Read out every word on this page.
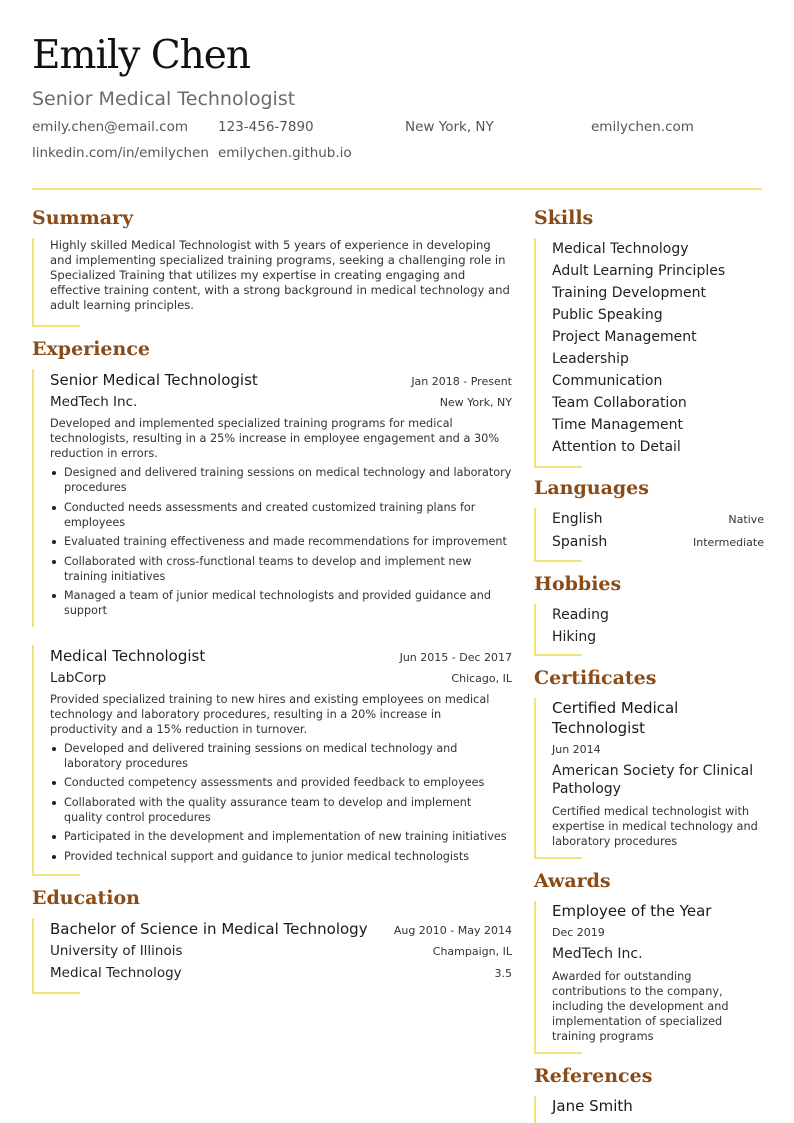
Emily Chen
Senior Medical Technologist
emily.chen@email.com 123-456-7890	New York, NY	emilychen.com
linkedin.com/in/emilychen emilychen.github.io
Summary

Highly skilled Medical Technologist with 5 years of experience in developing and implementing specialized training programs, seeking a challenging role in Specialized Training that utilizes my expertise in creating engaging and effective training content, with a strong background in medical technology and adult learning principles.

Experience
Senior Medical Technologist	Jan 2018 - Present
MedTech Inc.	New York, NY

Developed and implemented specialized training programs for medical technologists, resulting in a 25% increase in employee engagement and a 30% reduction in errors.

Designed and delivered training sessions on medical technology and laboratory procedures
Conducted needs assessments and created customized training plans for employees
Evaluated training effectiveness and made recommendations for improvement
Collaborated with cross-functional teams to develop and implement new training initiatives
Managed a team of junior medical technologists and provided guidance and support
Medical Technologist	Jun 2015 - Dec 2017
LabCorp	Chicago, IL

Provided specialized training to new hires and existing employees on medical technology and laboratory procedures, resulting in a 20% increase in productivity and a 15% reduction in turnover.

Developed and delivered training sessions on medical technology and laboratory procedures
Conducted competency assessments and provided feedback to employees
Collaborated with the quality assurance team to develop and implement quality control procedures
Participated in the development and implementation of new training initiatives
Provided technical support and guidance to junior medical technologists
Education
Bachelor of Science in Medical Technology Aug 2010 - May 2014
University of Illinois	Champaign, IL
Medical Technology	3.5
Skills
Medical Technology
Adult Learning Principles
Training Development
Public Speaking
Project Management
Leadership
Communication
Team Collaboration
Time Management
Attention to Detail
Languages
English	Native
Spanish	Intermediate
Hobbies
Reading
Hiking
Certificates
Certified Medical Technologist
Jun 2014
American Society for Clinical Pathology
Certified medical technologist with expertise in medical technology and laboratory procedures
Awards
Employee of the Year
Dec 2019
MedTech Inc.
Awarded for outstanding contributions to the company, including the development and implementation of specialized training programs
References
Jane Smith
